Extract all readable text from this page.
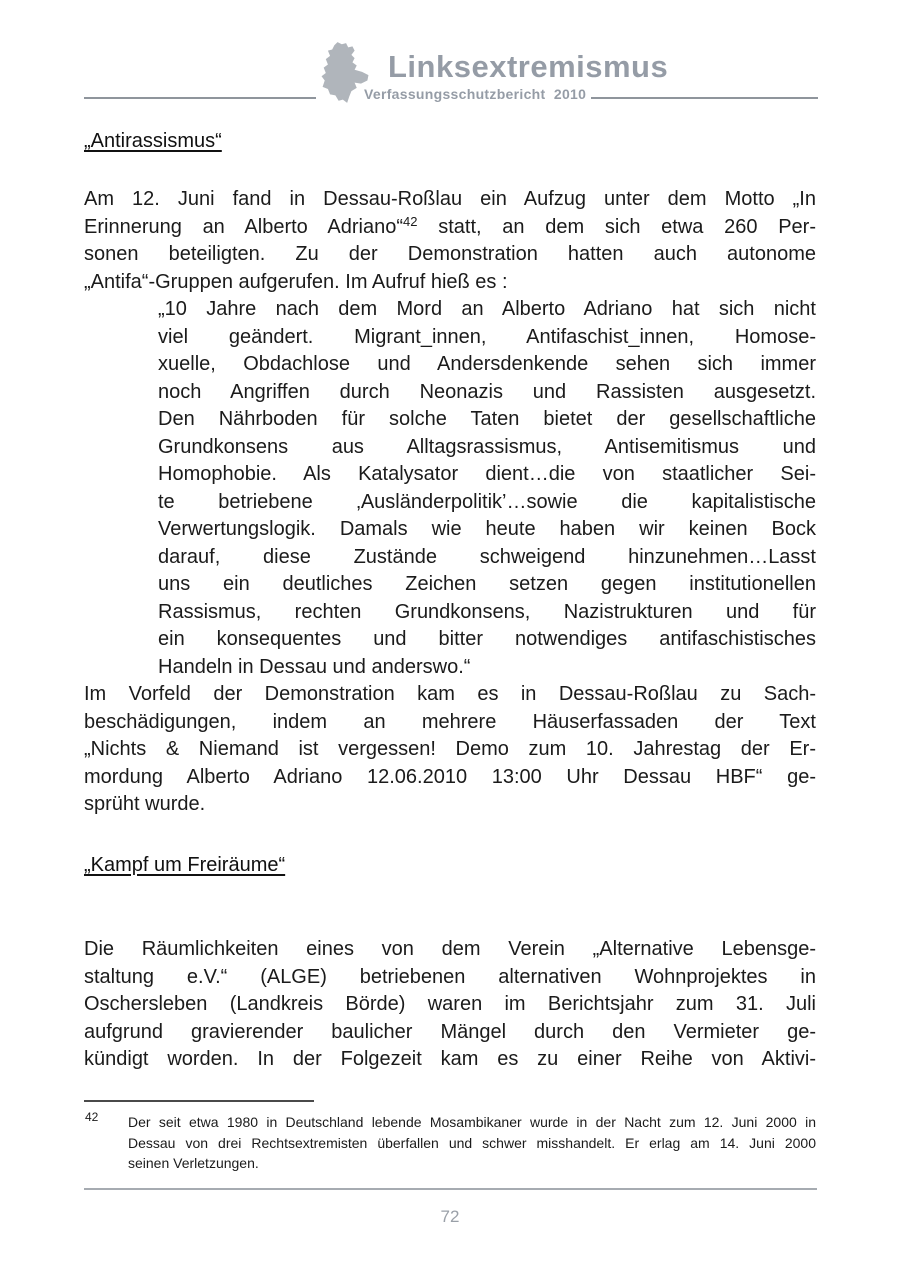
Linksextremismus
Verfassungsschutzbericht  2010
„Antirassismus“
Am 12. Juni fand in Dessau-Roßlau ein Aufzug unter dem Motto „In
Erinnerung an Alberto Adriano“$^{42}$ statt, an dem sich etwa 260 Per-
sonen beteiligten. Zu der Demonstration hatten auch autonome
„Antifa“-Gruppen aufgerufen. Im Aufruf hieß es :
„10 Jahre nach dem Mord an Alberto Adriano hat sich nicht
viel geändert. Migrant_innen, Antifaschist_innen, Homose-
xuelle, Obdachlose und Andersdenkende sehen sich immer
noch Angriffen durch Neonazis und Rassisten ausgesetzt.
Den Nährboden für solche Taten bietet der gesellschaftliche
Grundkonsens aus Alltagsrassismus, Antisemitismus und
Homophobie. Als Katalysator dient…die von staatlicher Sei-
te betriebene ‚Ausländerpolitik’…sowie die kapitalistische
Verwertungslogik. Damals wie heute haben wir keinen Bock
darauf, diese Zustände schweigend hinzunehmen…Lasst
uns ein deutliches Zeichen setzen gegen institutionellen
Rassismus, rechten Grundkonsens, Nazistrukturen und für
ein konsequentes und bitter notwendiges antifaschistisches
Handeln in Dessau und anderswo.“
Im Vorfeld der Demonstration kam es in Dessau-Roßlau zu Sach-
beschädigungen, indem an mehrere Häuserfassaden der Text
„Nichts & Niemand ist vergessen! Demo zum 10. Jahrestag der Er-
mordung Alberto Adriano 12.06.2010 13:00 Uhr Dessau HBF“ ge-
sprüht wurde.
„Kampf um Freiräume“
Die Räumlichkeiten eines von dem Verein „Alternative Lebensge-
staltung e.V.“ (ALGE) betriebenen alternativen Wohnprojektes in
Oschersleben (Landkreis Börde) waren im Berichtsjahr zum 31. Juli
aufgrund gravierender baulicher Mängel durch den Vermieter ge-
kündigt worden. In der Folgezeit kam es zu einer Reihe von Aktivi-
42 Der seit etwa 1980 in Deutschland lebende Mosambikaner wurde in der Nacht zum 12. Juni 2000 in
Dessau von drei Rechtsextremisten überfallen und schwer misshandelt. Er erlag am 14. Juni 2000
seinen Verletzungen.
72
